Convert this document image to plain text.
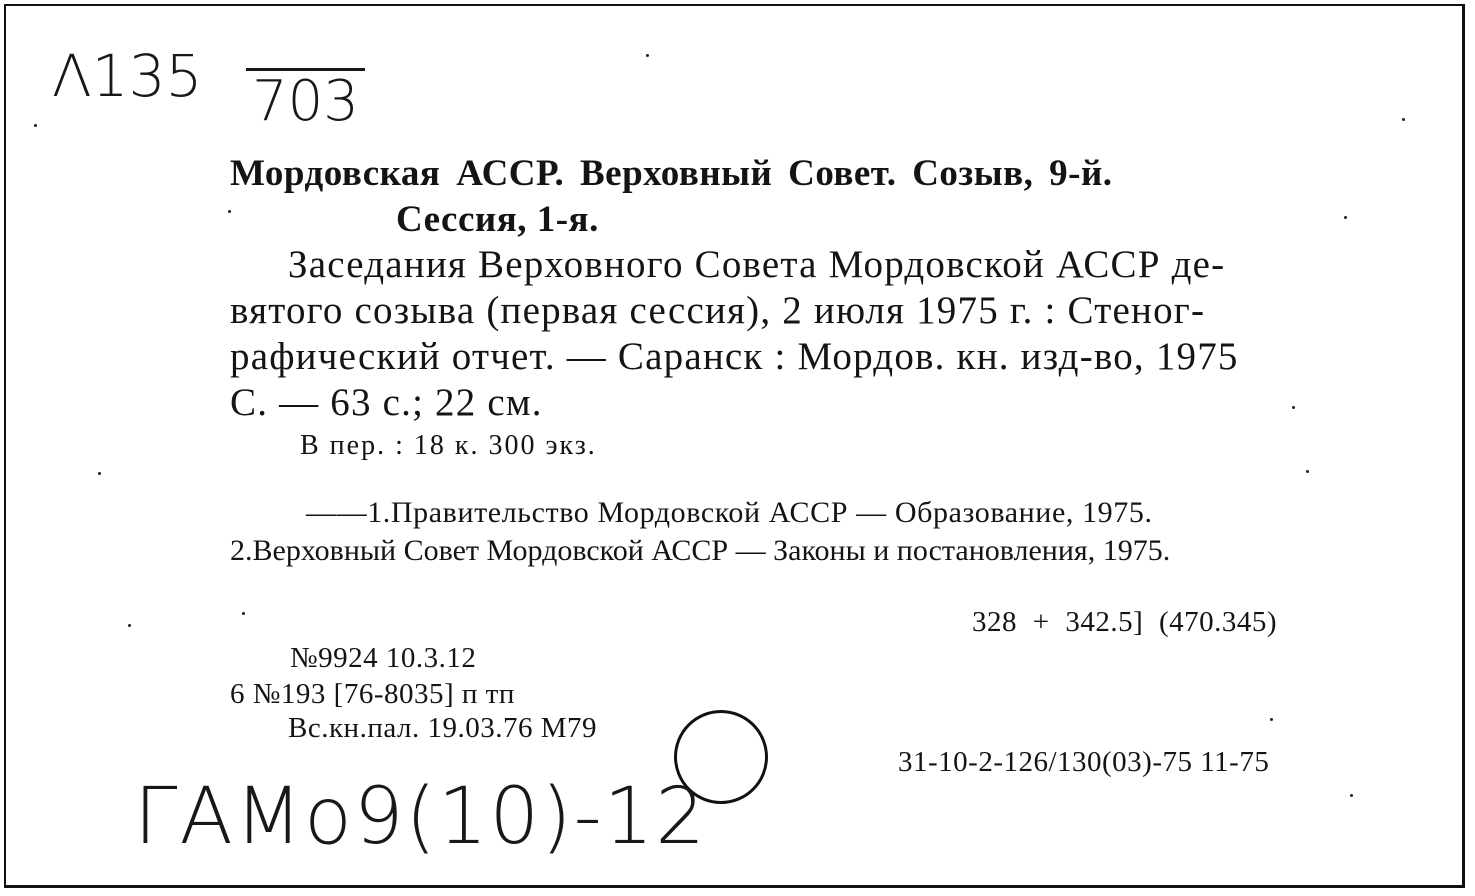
Λ135 703
Мордовская АССР. Верховный Совет. Созыв, 9-й.
Сессия, 1-я.
Заседания Верховного Совета Мордовской АССР де-
вятого созыва (первая сессия), 2 июля 1975 г. : Стеног-
рафический отчет. — Саранск : Мордов. кн. изд-во, 1975
С. — 63 с.; 22 см.
В пер. : 18 к. 300 экз.
——1.Правительство Мордовской АССР — Образование, 1975.
2.Верховный Совет Мордовской АССР — Законы и постановления, 1975.
328 + 342.5] (470.345)
№9924 10.3.12
6 №193 [76-8035] п тп
Вс.кн.пал. 19.03.76 М79
31-10-2-126/130(03)-75 11-75
ГАМо9(10)-12
